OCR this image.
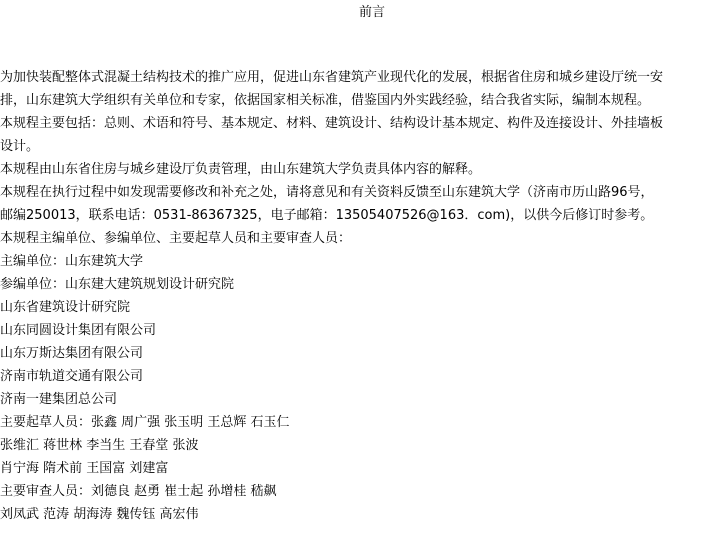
前言
为加快装配整体式混凝土结构技术的推广应用，促进山东省建筑产业现代化的发展，根据省住房和城乡建设厅统一安
排，山东建筑大学组织有关单位和专家，依据国家相关标准，借鉴国内外实践经验，结合我省实际，编制本规程。
本规程主要包括：总则、术语和符号、基本规定、材料、建筑设计、结构设计基本规定、构件及连接设计、外挂墙板
设计。
本规程由山东省住房与城乡建设厅负责管理，由山东建筑大学负责具体内容的解释。
本规程在执行过程中如发现需要修改和补充之处，请将意见和有关资料反馈至山东建筑大学（济南市历山路96号，
邮编250013，联系电话：0531-86367325，电子邮箱：13505407526@163．com)，以供今后修订时参考。
本规程主编单位、参编单位、主要起草人员和主要审查人员：
主编单位：山东建筑大学
参编单位：山东建大建筑规划设计研究院
山东省建筑设计研究院
山东同圆设计集团有限公司
山东万斯达集团有限公司
济南市轨道交通有限公司
济南一建集团总公司
主要起草人员：张鑫 周广强 张玉明 王总辉 石玉仁
张维汇 蒋世林 李当生 王春堂 张波
肖宁海 隋术前 王国富 刘建富
主要审查人员：刘德良 赵勇 崔士起 孙增桂 嵇飙
刘凤武 范涛 胡海涛 魏传钰 高宏伟
